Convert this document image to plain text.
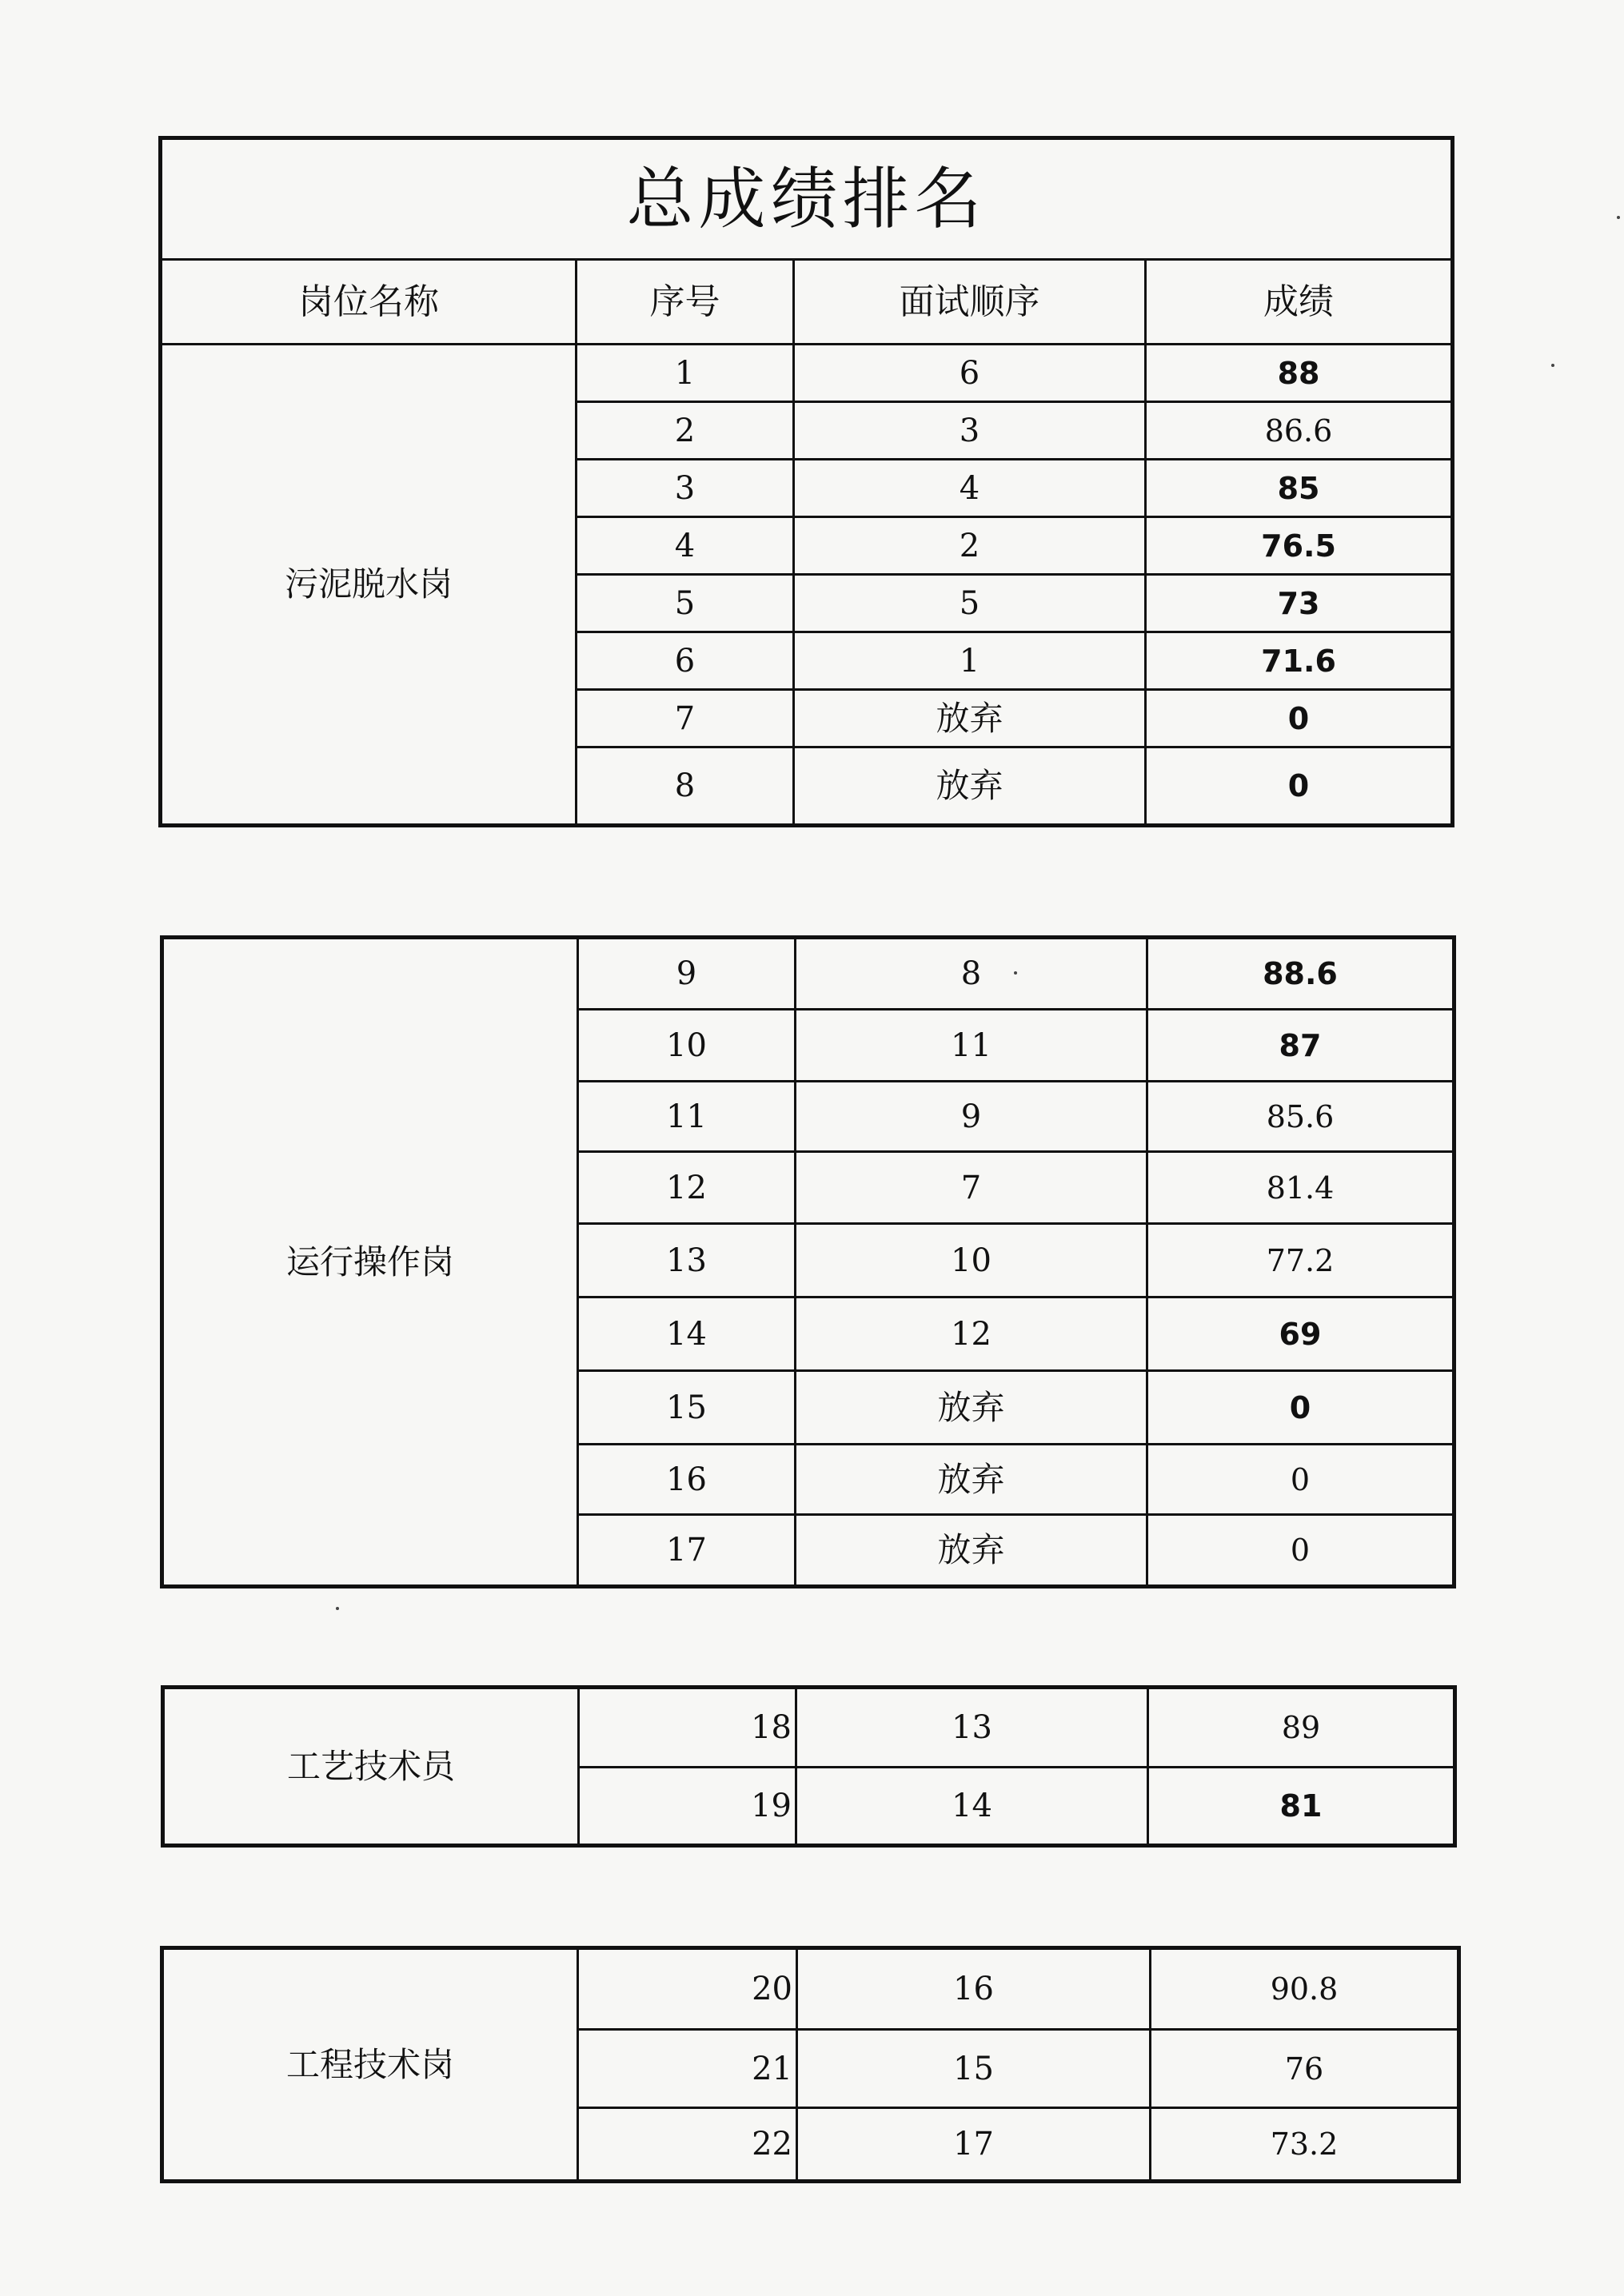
总成绩排名			
岗位名称	序号	面试顺序	成绩
污泥脱水岗	1	6	88
	2	3	86.6
	3	4	85
	4	2	76.5
	5	5	73
	6	1	71.6
	7	放弃	0
	8	放弃	0
运行操作岗	9	8	88.6
	10	11	87
	11	9	85.6
	12	7	81.4
	13	10	77.2
	14	12	69
	15	放弃	0
	16	放弃	0
	17	放弃	0
工艺技术员	18	13	89
	19	14	81
工程技术岗	20	16	90.8
	21	15	76
	22	17	73.2
